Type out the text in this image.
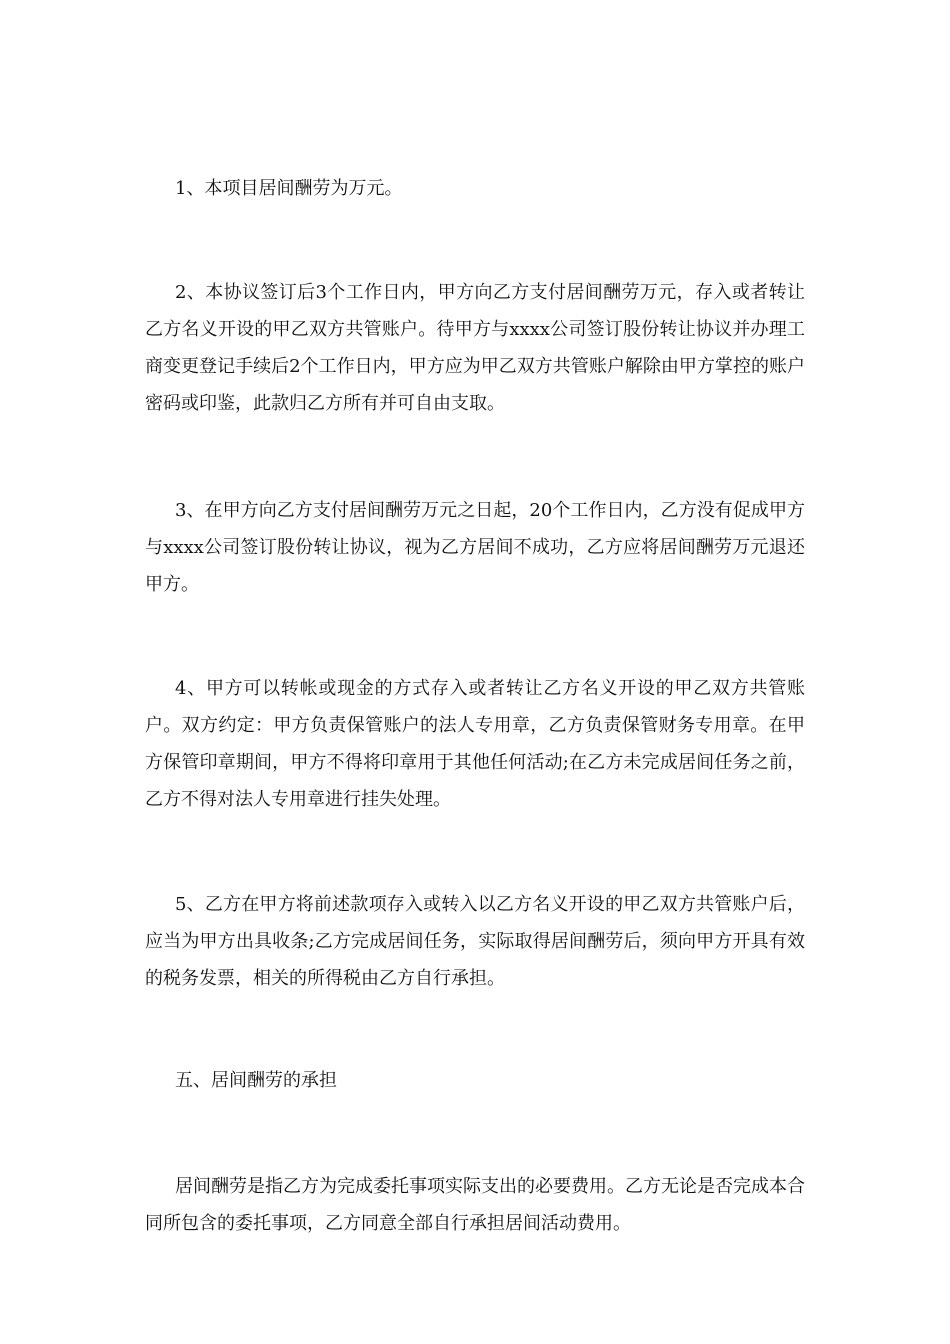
1、本项目居间酬劳为万元。

2、本协议签订后3个工作日内，甲方向乙方支付居间酬劳万元，存入或者转让乙方名义开设的甲乙双方共管账户。待甲方与xxxx公司签订股份转让协议并办理工商变更登记手续后2个工作日内，甲方应为甲乙双方共管账户解除由甲方掌控的账户密码或印鉴，此款归乙方所有并可自由支取。

3、在甲方向乙方支付居间酬劳万元之日起，20个工作日内，乙方没有促成甲方与xxxx公司签订股份转让协议，视为乙方居间不成功，乙方应将居间酬劳万元退还甲方。

4、甲方可以转帐或现金的方式存入或者转让乙方名义开设的甲乙双方共管账户。双方约定：甲方负责保管账户的法人专用章，乙方负责保管财务专用章。在甲方保管印章期间，甲方不得将印章用于其他任何活动;在乙方未完成居间任务之前，乙方不得对法人专用章进行挂失处理。

5、乙方在甲方将前述款项存入或转入以乙方名义开设的甲乙双方共管账户后，应当为甲方出具收条;乙方完成居间任务，实际取得居间酬劳后，须向甲方开具有效的税务发票，相关的所得税由乙方自行承担。

五、居间酬劳的承担

居间酬劳是指乙方为完成委托事项实际支出的必要费用。乙方无论是否完成本合同所包含的委托事项，乙方同意全部自行承担居间活动费用。
